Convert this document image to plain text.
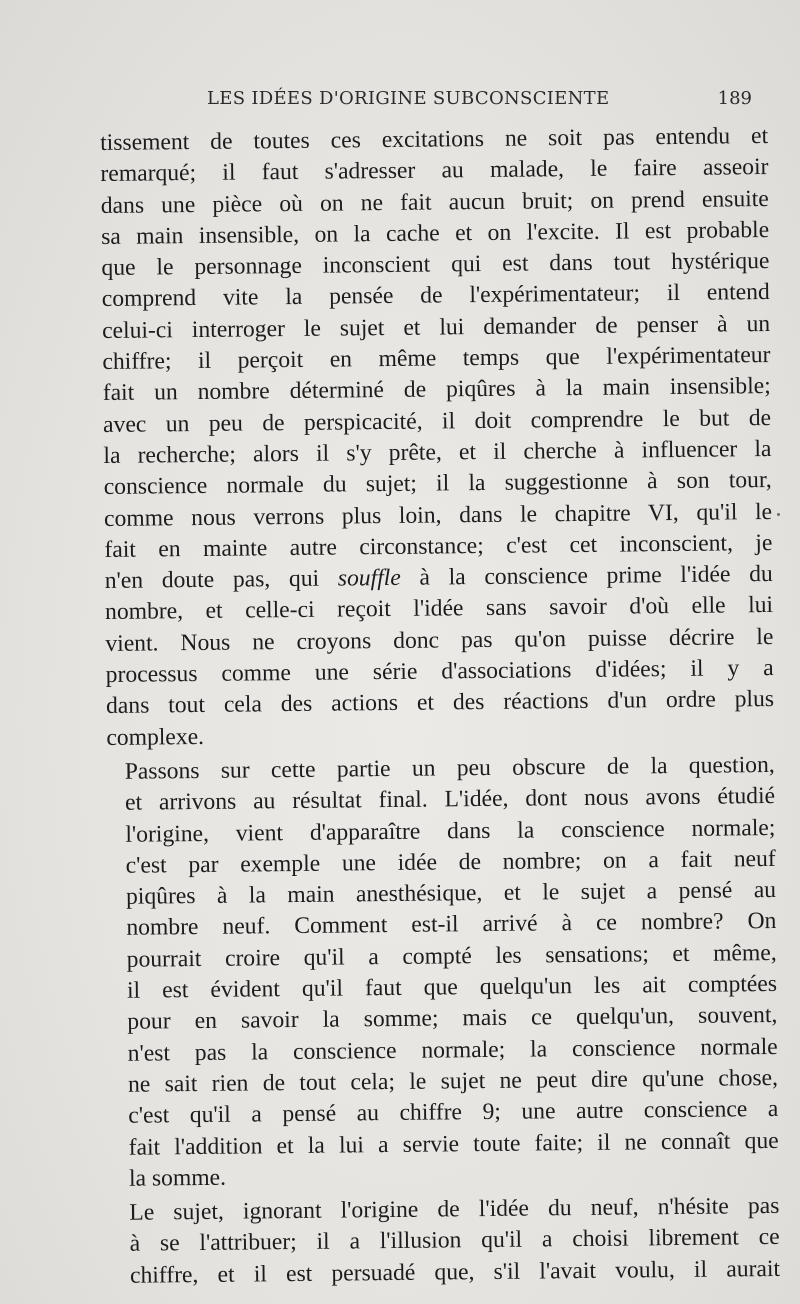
LES IDÉES D'ORIGINE SUBCONSCIENTE	189

tissement de toutes ces excitations ne soit pas entendu et
remarqué; il faut s'adresser au malade, le faire asseoir
dans une pièce où on ne fait aucun bruit; on prend ensuite
sa main insensible, on la cache et on l'excite. Il est probable
que le personnage inconscient qui est dans tout hystérique
comprend vite la pensée de l'expérimentateur; il entend
celui-ci interroger le sujet et lui demander de penser à un
chiffre; il perçoit en même temps que l'expérimentateur
fait un nombre déterminé de piqûres à la main insensible;
avec un peu de perspicacité, il doit comprendre le but de
la recherche; alors il s'y prête, et il cherche à influencer la
conscience normale du sujet; il la suggestionne à son tour,
comme nous verrons plus loin, dans le chapitre VI, qu'il le
fait en mainte autre circonstance; c'est cet inconscient, je
n'en doute pas, qui souffle à la conscience prime l'idée du
nombre, et celle-ci reçoit l'idée sans savoir d'où elle lui
vient. Nous ne croyons donc pas qu'on puisse décrire le
processus comme une série d'associations d'idées; il y a
dans tout cela des actions et des réactions d'un ordre plus
complexe.

Passons sur cette partie un peu obscure de la question,
et arrivons au résultat final. L'idée, dont nous avons étudié
l'origine, vient d'apparaître dans la conscience normale;
c'est par exemple une idée de nombre; on a fait neuf
piqûres à la main anesthésique, et le sujet a pensé au
nombre neuf. Comment est-il arrivé à ce nombre? On
pourrait croire qu'il a compté les sensations; et même,
il est évident qu'il faut que quelqu'un les ait comptées
pour en savoir la somme; mais ce quelqu'un, souvent,
n'est pas la conscience normale; la conscience normale
ne sait rien de tout cela; le sujet ne peut dire qu'une chose,
c'est qu'il a pensé au chiffre 9; une autre conscience a
fait l'addition et la lui a servie toute faite; il ne connaît que
la somme.

Le sujet, ignorant l'origine de l'idée du neuf, n'hésite pas
à se l'attribuer; il a l'illusion qu'il a choisi librement ce
chiffre, et il est persuadé que, s'il l'avait voulu, il aurait
